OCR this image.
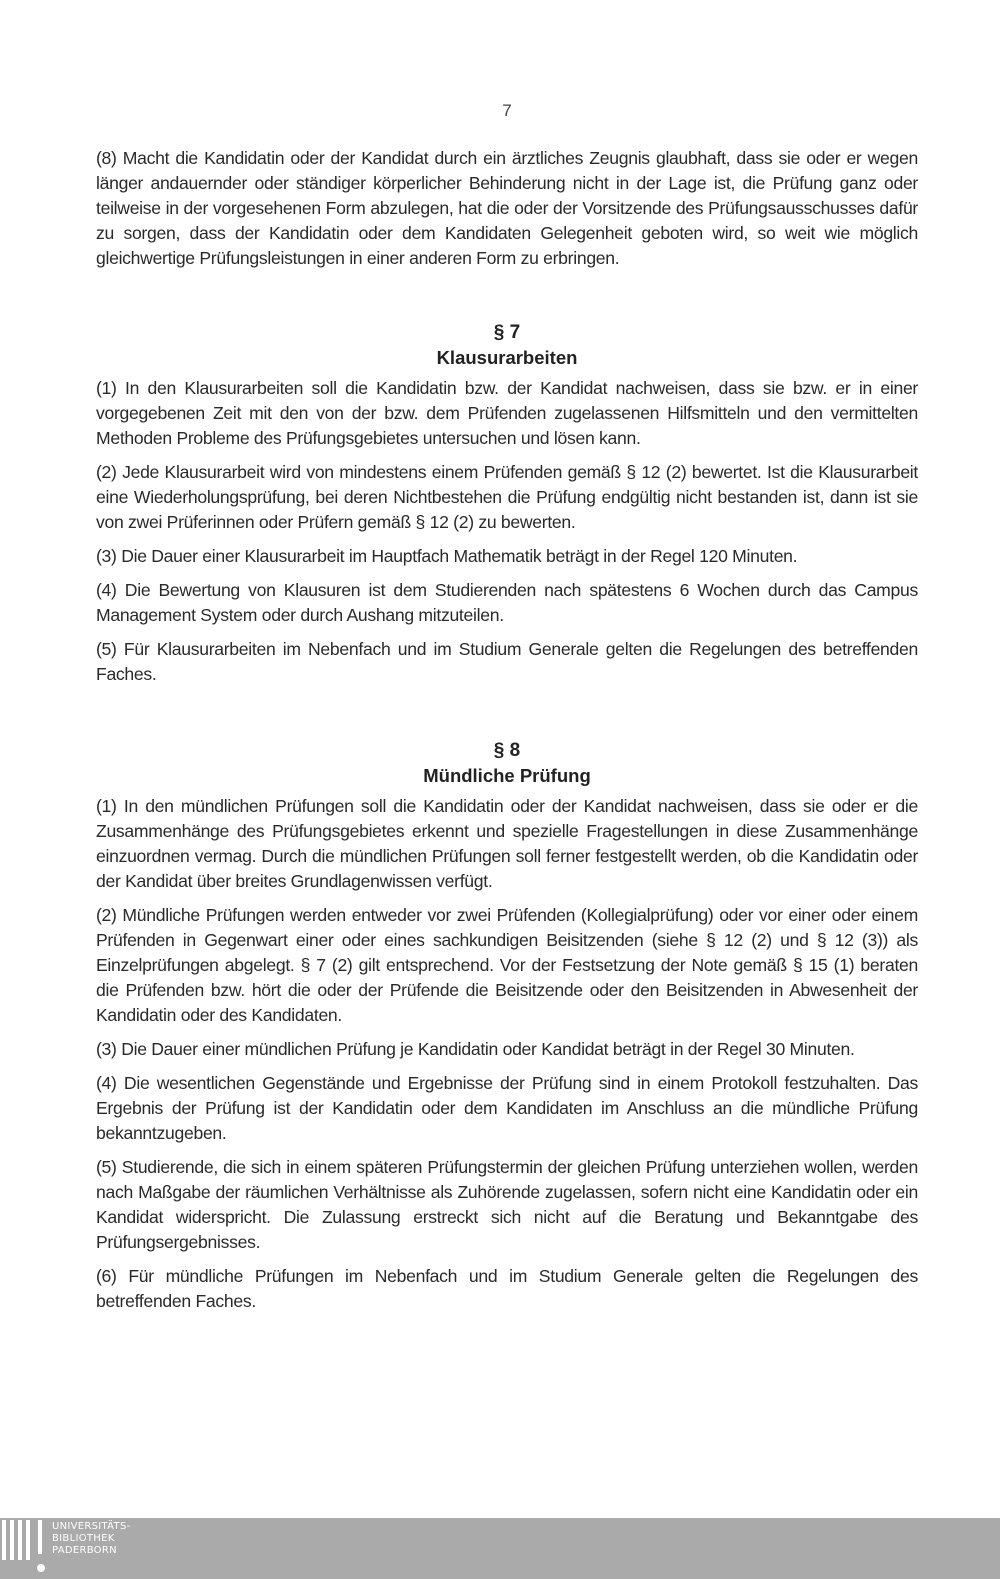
7

(8) Macht die Kandidatin oder der Kandidat durch ein ärztliches Zeugnis glaubhaft, dass sie oder er wegen länger andauernder oder ständiger körperlicher Behinderung nicht in der Lage ist, die Prüfung ganz oder teilweise in der vorgesehenen Form abzulegen, hat die oder der Vorsitzende des Prüfungsausschusses dafür zu sorgen, dass der Kandidatin oder dem Kandidaten Gelegenheit geboten wird, so weit wie möglich gleichwertige Prüfungsleistungen in einer anderen Form zu erbringen.

§ 7
Klausurarbeiten

(1) In den Klausurarbeiten soll die Kandidatin bzw. der Kandidat nachweisen, dass sie bzw. er in einer vorgegebenen Zeit mit den von der bzw. dem Prüfenden zugelassenen Hilfsmitteln und den vermittelten Methoden Probleme des Prüfungsgebietes untersuchen und lösen kann.

(2) Jede Klausurarbeit wird von mindestens einem Prüfenden gemäß § 12 (2) bewertet. Ist die Klausurarbeit eine Wiederholungsprüfung, bei deren Nichtbestehen die Prüfung endgültig nicht bestanden ist, dann ist sie von zwei Prüferinnen oder Prüfern gemäß § 12 (2) zu bewerten.

(3) Die Dauer einer Klausurarbeit im Hauptfach Mathematik beträgt in der Regel 120 Minuten.

(4) Die Bewertung von Klausuren ist dem Studierenden nach spätestens 6 Wochen durch das Campus Management System oder durch Aushang mitzuteilen.

(5) Für Klausurarbeiten im Nebenfach und im Studium Generale gelten die Regelungen des betreffenden Faches.

§ 8
Mündliche Prüfung

(1) In den mündlichen Prüfungen soll die Kandidatin oder der Kandidat nachweisen, dass sie oder er die Zusammenhänge des Prüfungsgebietes erkennt und spezielle Fragestellungen in diese Zusammenhänge einzuordnen vermag. Durch die mündlichen Prüfungen soll ferner festgestellt werden, ob die Kandidatin oder der Kandidat über breites Grundlagenwissen verfügt.

(2) Mündliche Prüfungen werden entweder vor zwei Prüfenden (Kollegialprüfung) oder vor einer oder einem Prüfenden in Gegenwart einer oder eines sachkundigen Beisitzenden (siehe § 12 (2) und § 12 (3)) als Einzelprüfungen abgelegt. § 7 (2) gilt entsprechend. Vor der Festsetzung der Note gemäß § 15 (1) beraten die Prüfenden bzw. hört die oder der Prüfende die Beisitzende oder den Beisitzenden in Abwesenheit der Kandidatin oder des Kandidaten.

(3) Die Dauer einer mündlichen Prüfung je Kandidatin oder Kandidat beträgt in der Regel 30 Minuten.

(4) Die wesentlichen Gegenstände und Ergebnisse der Prüfung sind in einem Protokoll festzuhalten. Das Ergebnis der Prüfung ist der Kandidatin oder dem Kandidaten im Anschluss an die mündliche Prüfung bekanntzugeben.

(5) Studierende, die sich in einem späteren Prüfungstermin der gleichen Prüfung unterziehen wollen, werden nach Maßgabe der räumlichen Verhältnisse als Zuhörende zugelassen, sofern nicht eine Kandidatin oder ein Kandidat widerspricht. Die Zulassung erstreckt sich nicht auf die Beratung und Bekanntgabe des Prüfungsergebnisses.

(6) Für mündliche Prüfungen im Nebenfach und im Studium Generale gelten die Regelungen des betreffenden Faches.

UNIVERSITÄTS-
BIBLIOTHEK
PADERBORN
